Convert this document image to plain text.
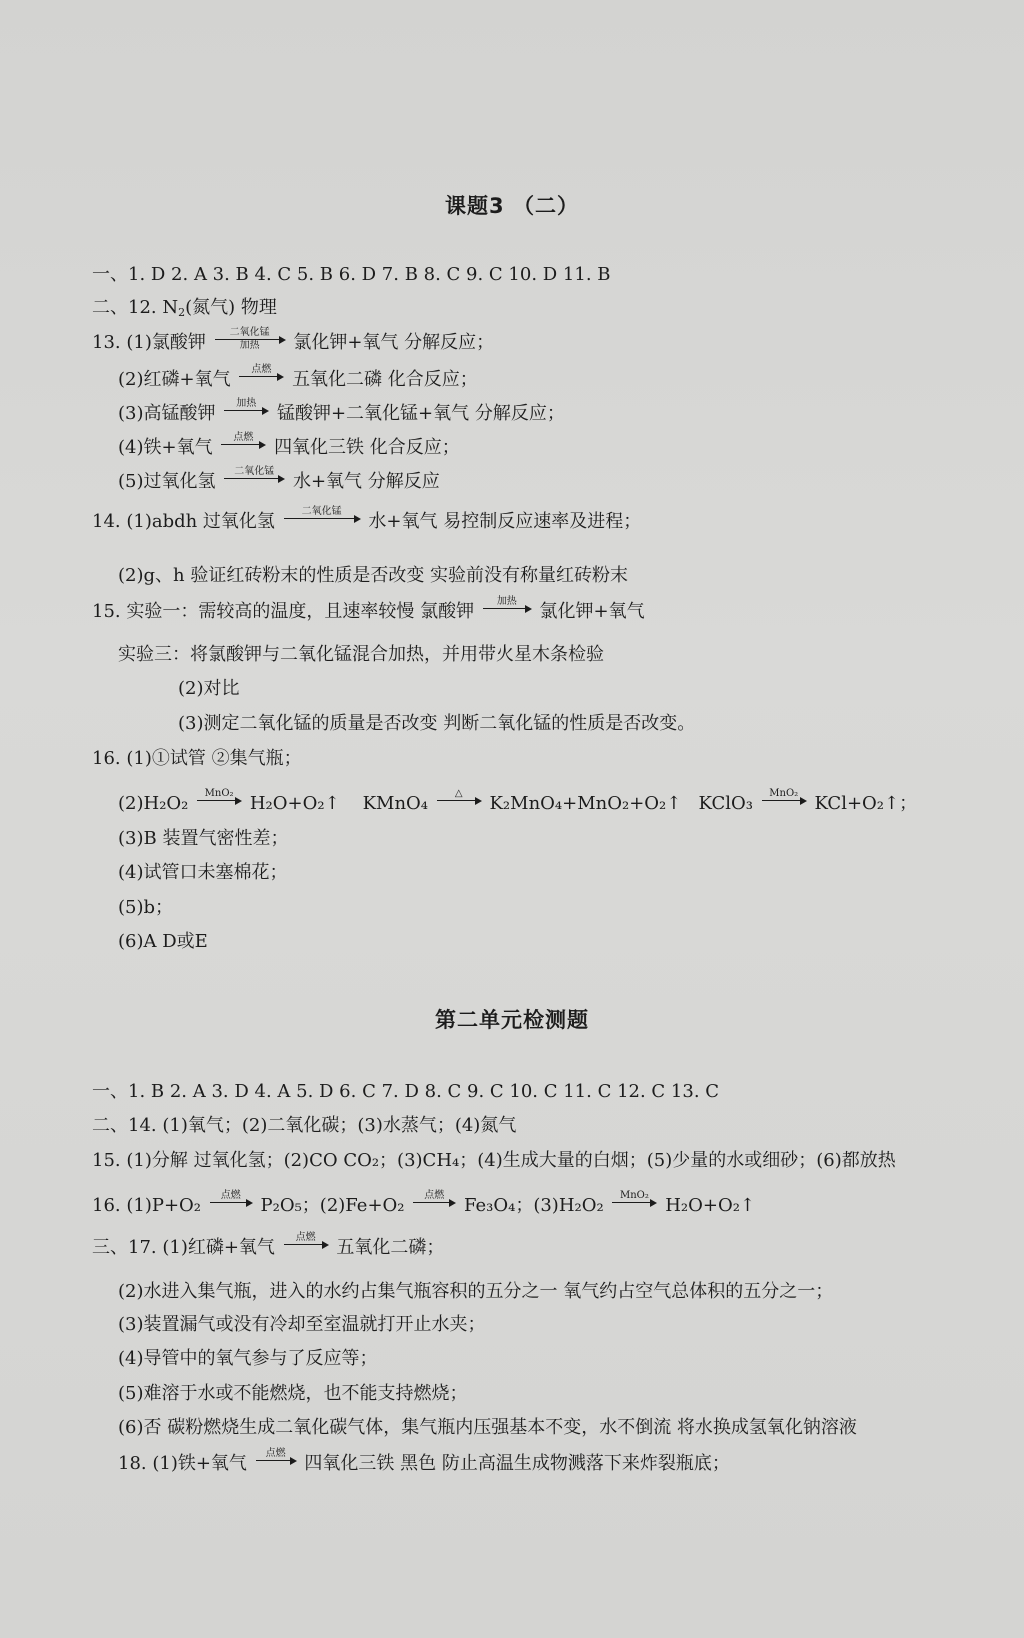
课题3 （二）
一、1. D 2. A 3. B 4. C 5. B 6. D 7. B 8. C 9. C 10. D 11. B
二、12. $N_2$(氮气) 物理
13. (1)氯酸钾	二氧化锰
加热	氯化钾+氧气 分解反应；
(2)红磷+氧气	点燃	五氧化二磷 化合反应；
(3)高锰酸钾	加热	锰酸钾+二氧化锰+氧气 分解反应；
(4)铁+氧气	点燃	四氧化三铁 化合反应；
(5)过氧化氢	二氧化锰	水+氧气 分解反应
14. (1)abdh 过氧化氢	二氧化锰	水+氧气 易控制反应速率及进程；
(2)g、h 验证红砖粉末的性质是否改变 实验前没有称量红砖粉末
15. 实验一：需较高的温度，且速率较慢 氯酸钾	加热	氯化钾+氧气
实验三：将氯酸钾与二氧化锰混合加热，并用带火星木条检验
(2)对比
(3)测定二氧化锰的质量是否改变 判断二氧化锰的性质是否改变。
16. (1)①试管 ②集气瓶；
(2)H₂O₂	MnO₂ H₂O+O₂↑ KMnO₄	△	K₂MnO₄+MnO₂+O₂↑ KClO₃	MnO₂ KCl+O₂↑；
(3)B 装置气密性差；
(4)试管口未塞棉花；
(5)b；
(6)A D或E
第二单元检测题
一、1. B 2. A 3. D 4. A 5. D 6. C 7. D 8. C 9. C 10. C 11. C 12. C 13. C
二、14. (1)氧气；(2)二氧化碳；(3)水蒸气；(4)氮气
15. (1)分解 过氧化氢；(2)CO CO₂；(3)CH₄；(4)生成大量的白烟；(5)少量的水或细砂；(6)都放热
16. (1)P+O₂	点燃	P₂O₅；(2)Fe+O₂	点燃	Fe₃O₄；(3)H₂O₂	MnO₂ H₂O+O₂↑
三、17. (1)红磷+氧气	点燃	五氧化二磷；
(2)水进入集气瓶，进入的水约占集气瓶容积的五分之一 氧气约占空气总体积的五分之一；
(3)装置漏气或没有冷却至室温就打开止水夹；
(4)导管中的氧气参与了反应等；
(5)难溶于水或不能燃烧，也不能支持燃烧；
(6)否 碳粉燃烧生成二氧化碳气体，集气瓶内压强基本不变，水不倒流 将水换成氢氧化钠溶液
18. (1)铁+氧气	点燃	四氧化三铁 黑色 防止高温生成物溅落下来炸裂瓶底；
